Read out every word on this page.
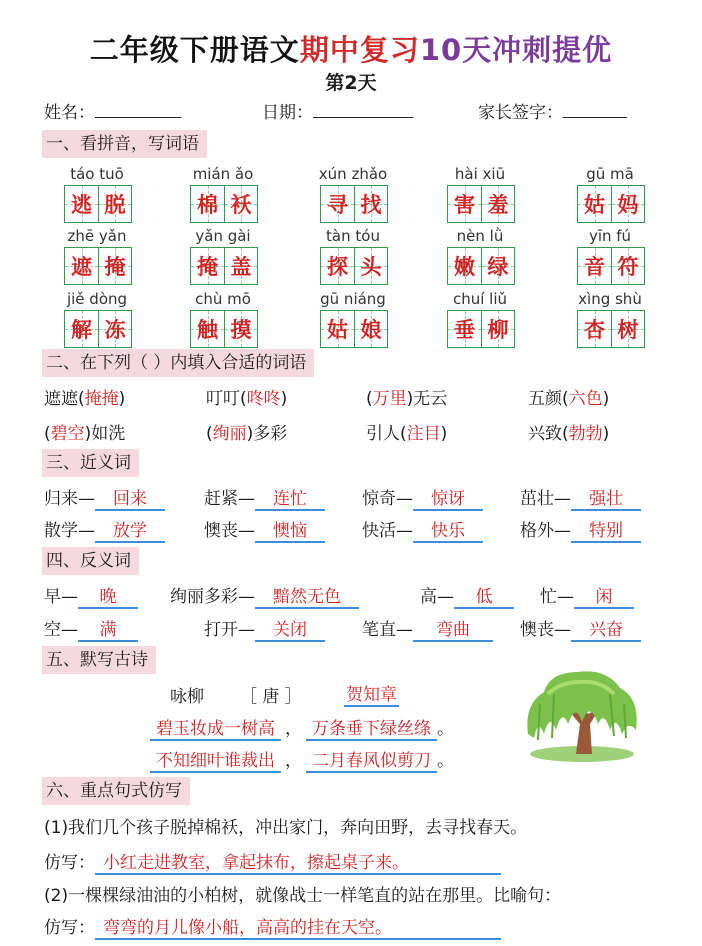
二年级下册语文期中复习10天冲刺提优
第2天
姓名：	日期：	家长签字：
一、看拼音，写词语
táo tuō
逃 脱
mián ǎo
棉 袄
xún zhǎo
寻 找
hài xiū
害 羞
gū mā
姑 妈
zhē yǎn
遮 掩
yǎn gài
掩 盖
tàn tóu
探 头
nèn lǜ
嫩 绿
yīn fú
音 符
jiě dòng
解 冻
chù mō
触 摸
gū niáng
姑 娘
chuí liǔ
垂 柳
xìng shù
杏 树
二、在下列（ ）内填入合适的词语
遮遮(掩掩)	叮叮(咚咚)	(万里)无云	五颜(六色)
(碧空)如洗	(绚丽)多彩	引人(注目)	兴致(勃勃)
三、近义词
归来— 回来	赶紧— 连忙	惊奇— 惊讶	茁壮— 强壮
散学— 放学	懊丧— 懊恼	快活— 快乐	格外— 特别
四、反义词
早— 晚	绚丽多彩— 黯然无色	高— 低	忙— 闲
空— 满	打开— 关闭	笔直— 弯曲	懊丧— 兴奋
五、默写古诗
咏柳 ［ 唐 ］	贺知章
碧玉妆成一树高 ， 万条垂下绿丝绦 。
不知细叶谁裁出 ， 二月春风似剪刀 。
六、重点句式仿写
(1)我们几个孩子脱掉棉袄，冲出家门，奔向田野，去寻找春天。
仿写： 小红走进教室，拿起抹布，擦起桌子来。
(2)一棵棵绿油油的小柏树，就像战士一样笔直的站在那里。比喻句：
仿写： 弯弯的月儿像小船，高高的挂在天空。
